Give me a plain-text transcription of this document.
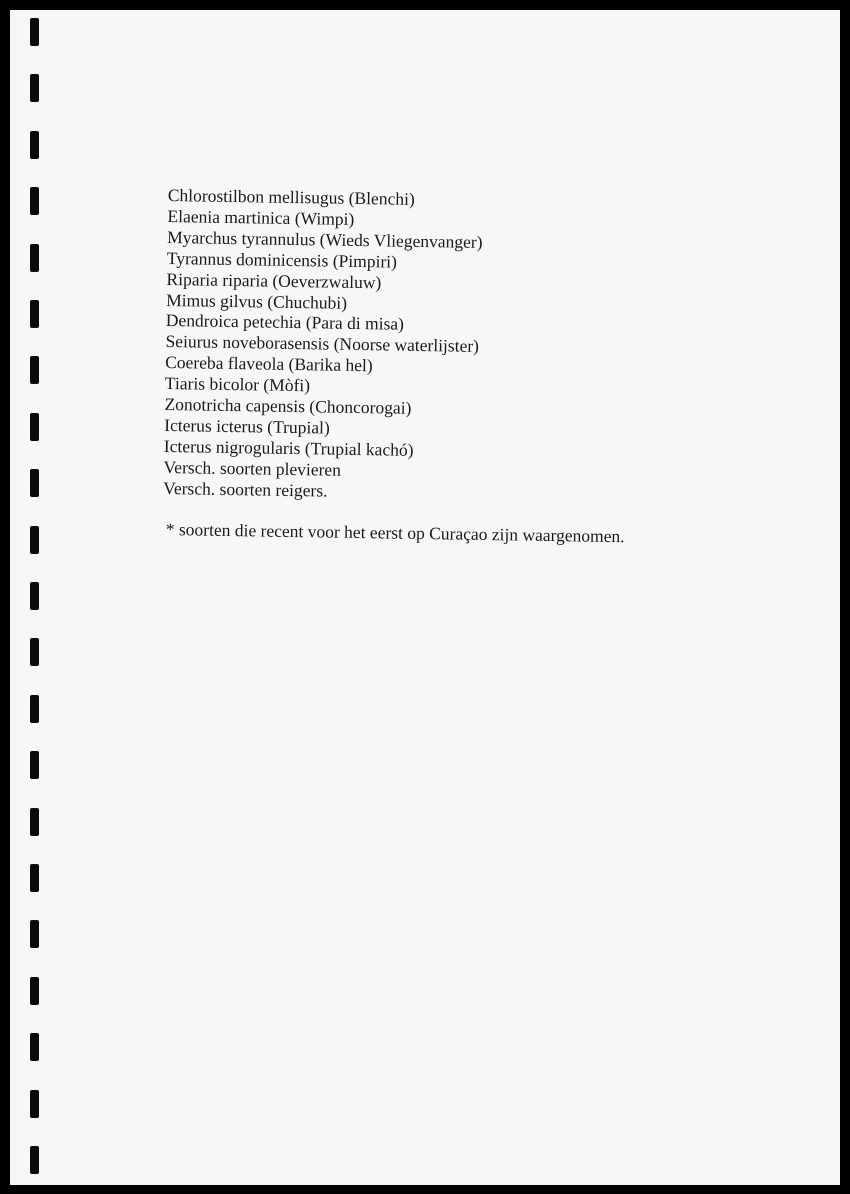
Chlorostilbon mellisugus (Blenchi)
Elaenia martinica (Wimpi)
Myarchus tyrannulus (Wieds Vliegenvanger)
Tyrannus dominicensis (Pimpiri)
Riparia riparia (Oeverzwaluw)
Mimus gilvus (Chuchubi)
Dendroica petechia (Para di misa)
Seiurus noveborasensis (Noorse waterlijster)
Coereba flaveola (Barika hel)
Tiaris bicolor (Mòfi)
Zonotricha capensis (Choncorogai)
Icterus icterus (Trupial)
Icterus nigrogularis (Trupial kachó)
Versch. soorten plevieren
Versch. soorten reigers.

* soorten die recent voor het eerst op Curaçao zijn waargenomen.
